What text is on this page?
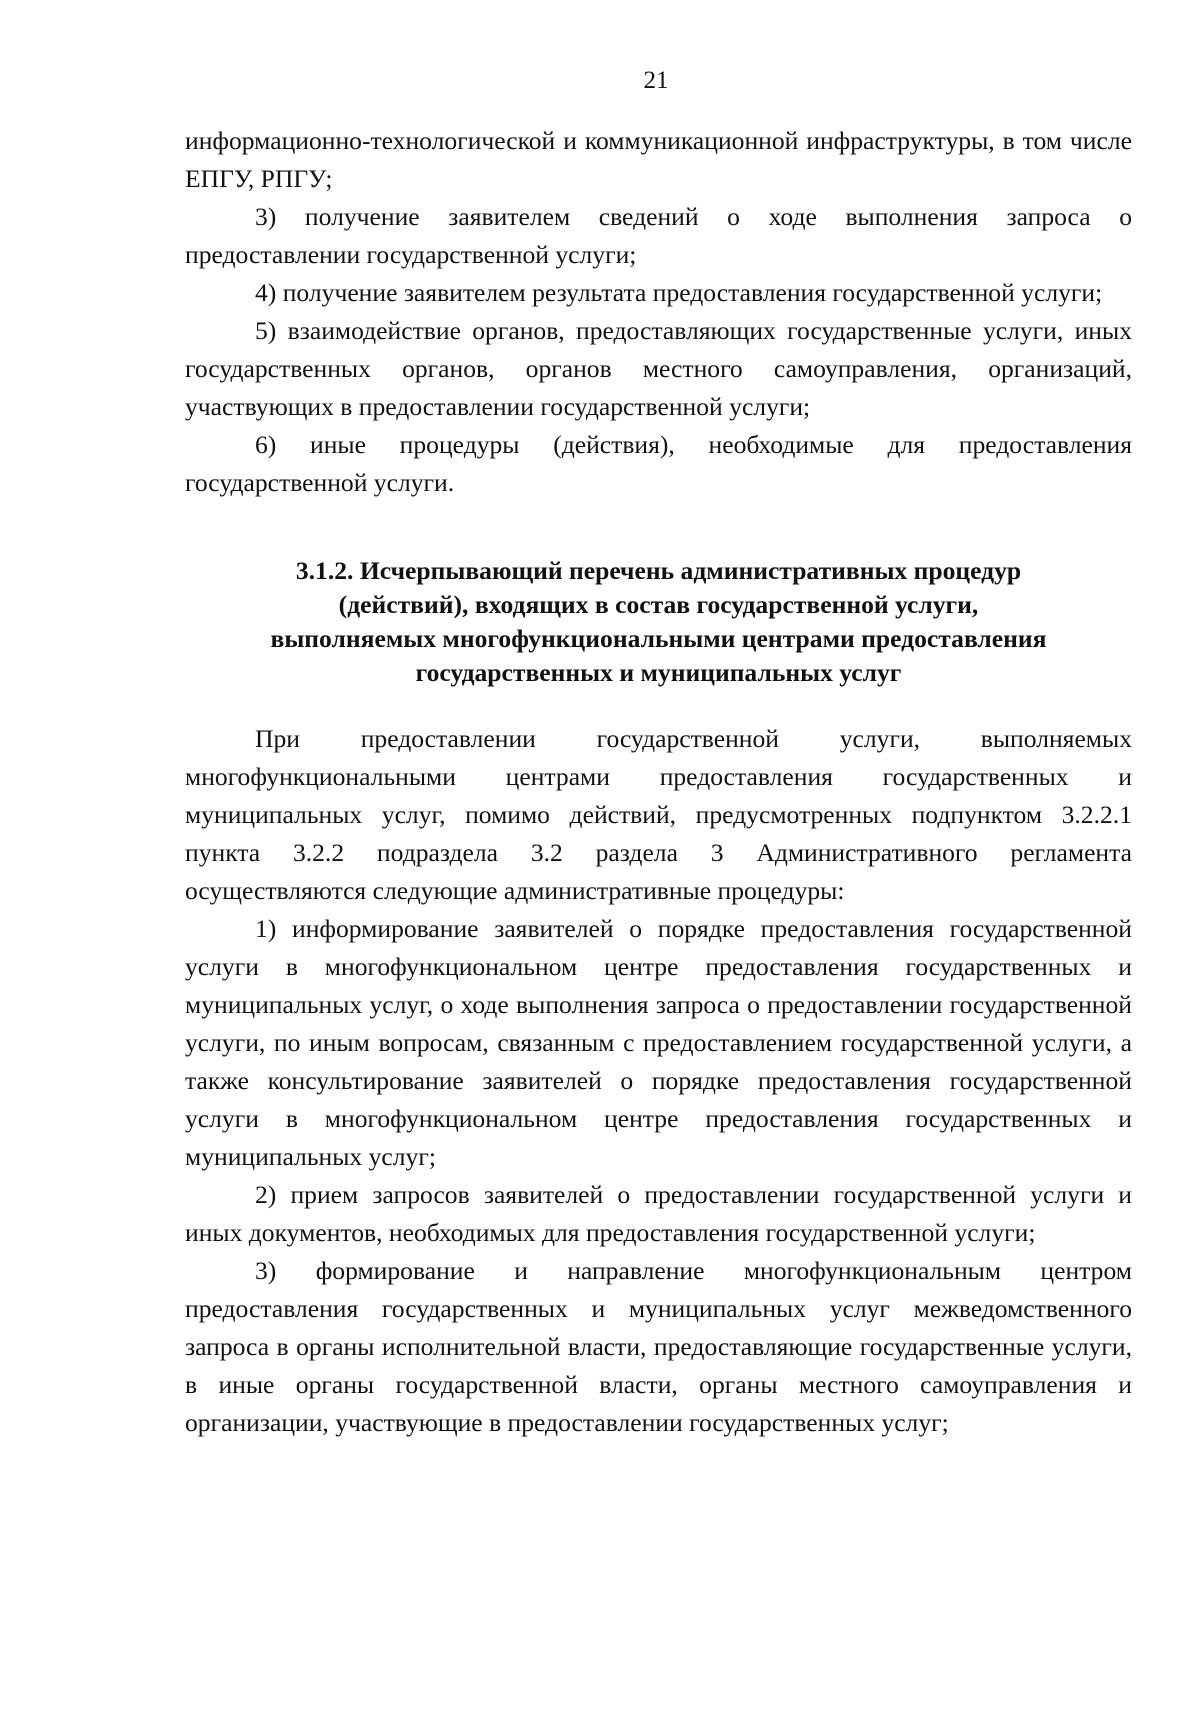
21

информационно-технологической и коммуникационной инфраструктуры, в том числе ЕПГУ, РПГУ;

3) получение заявителем сведений о ходе выполнения запроса о предоставлении государственной услуги;

4) получение заявителем результата предоставления государственной услуги;

5) взаимодействие органов, предоставляющих государственные услуги, иных государственных органов, органов местного самоуправления, организаций, участвующих в предоставлении государственной услуги;

6) иные процедуры (действия), необходимые для предоставления государственной услуги.

3.1.2. Исчерпывающий перечень административных процедур
(действий), входящих в состав государственной услуги,
выполняемых многофункциональными центрами предоставления
государственных и муниципальных услуг

При предоставлении государственной услуги, выполняемых многофункциональными центрами предоставления государственных и муниципальных услуг, помимо действий, предусмотренных подпунктом 3.2.2.1 пункта 3.2.2 подраздела 3.2 раздела 3 Административного регламента осуществляются следующие административные процедуры:

1) информирование заявителей о порядке предоставления государственной услуги в многофункциональном центре предоставления государственных и муниципальных услуг, о ходе выполнения запроса о предоставлении государственной услуги, по иным вопросам, связанным с предоставлением государственной услуги, а также консультирование заявителей о порядке предоставления государственной услуги в многофункциональном центре предоставления государственных и муниципальных услуг;

2) прием запросов заявителей о предоставлении государственной услуги и иных документов, необходимых для предоставления государственной услуги;

3) формирование и направление многофункциональным центром предоставления государственных и муниципальных услуг межведомственного запроса в органы исполнительной власти, предоставляющие государственные услуги, в иные органы государственной власти, органы местного самоуправления и организации, участвующие в предоставлении государственных услуг;
